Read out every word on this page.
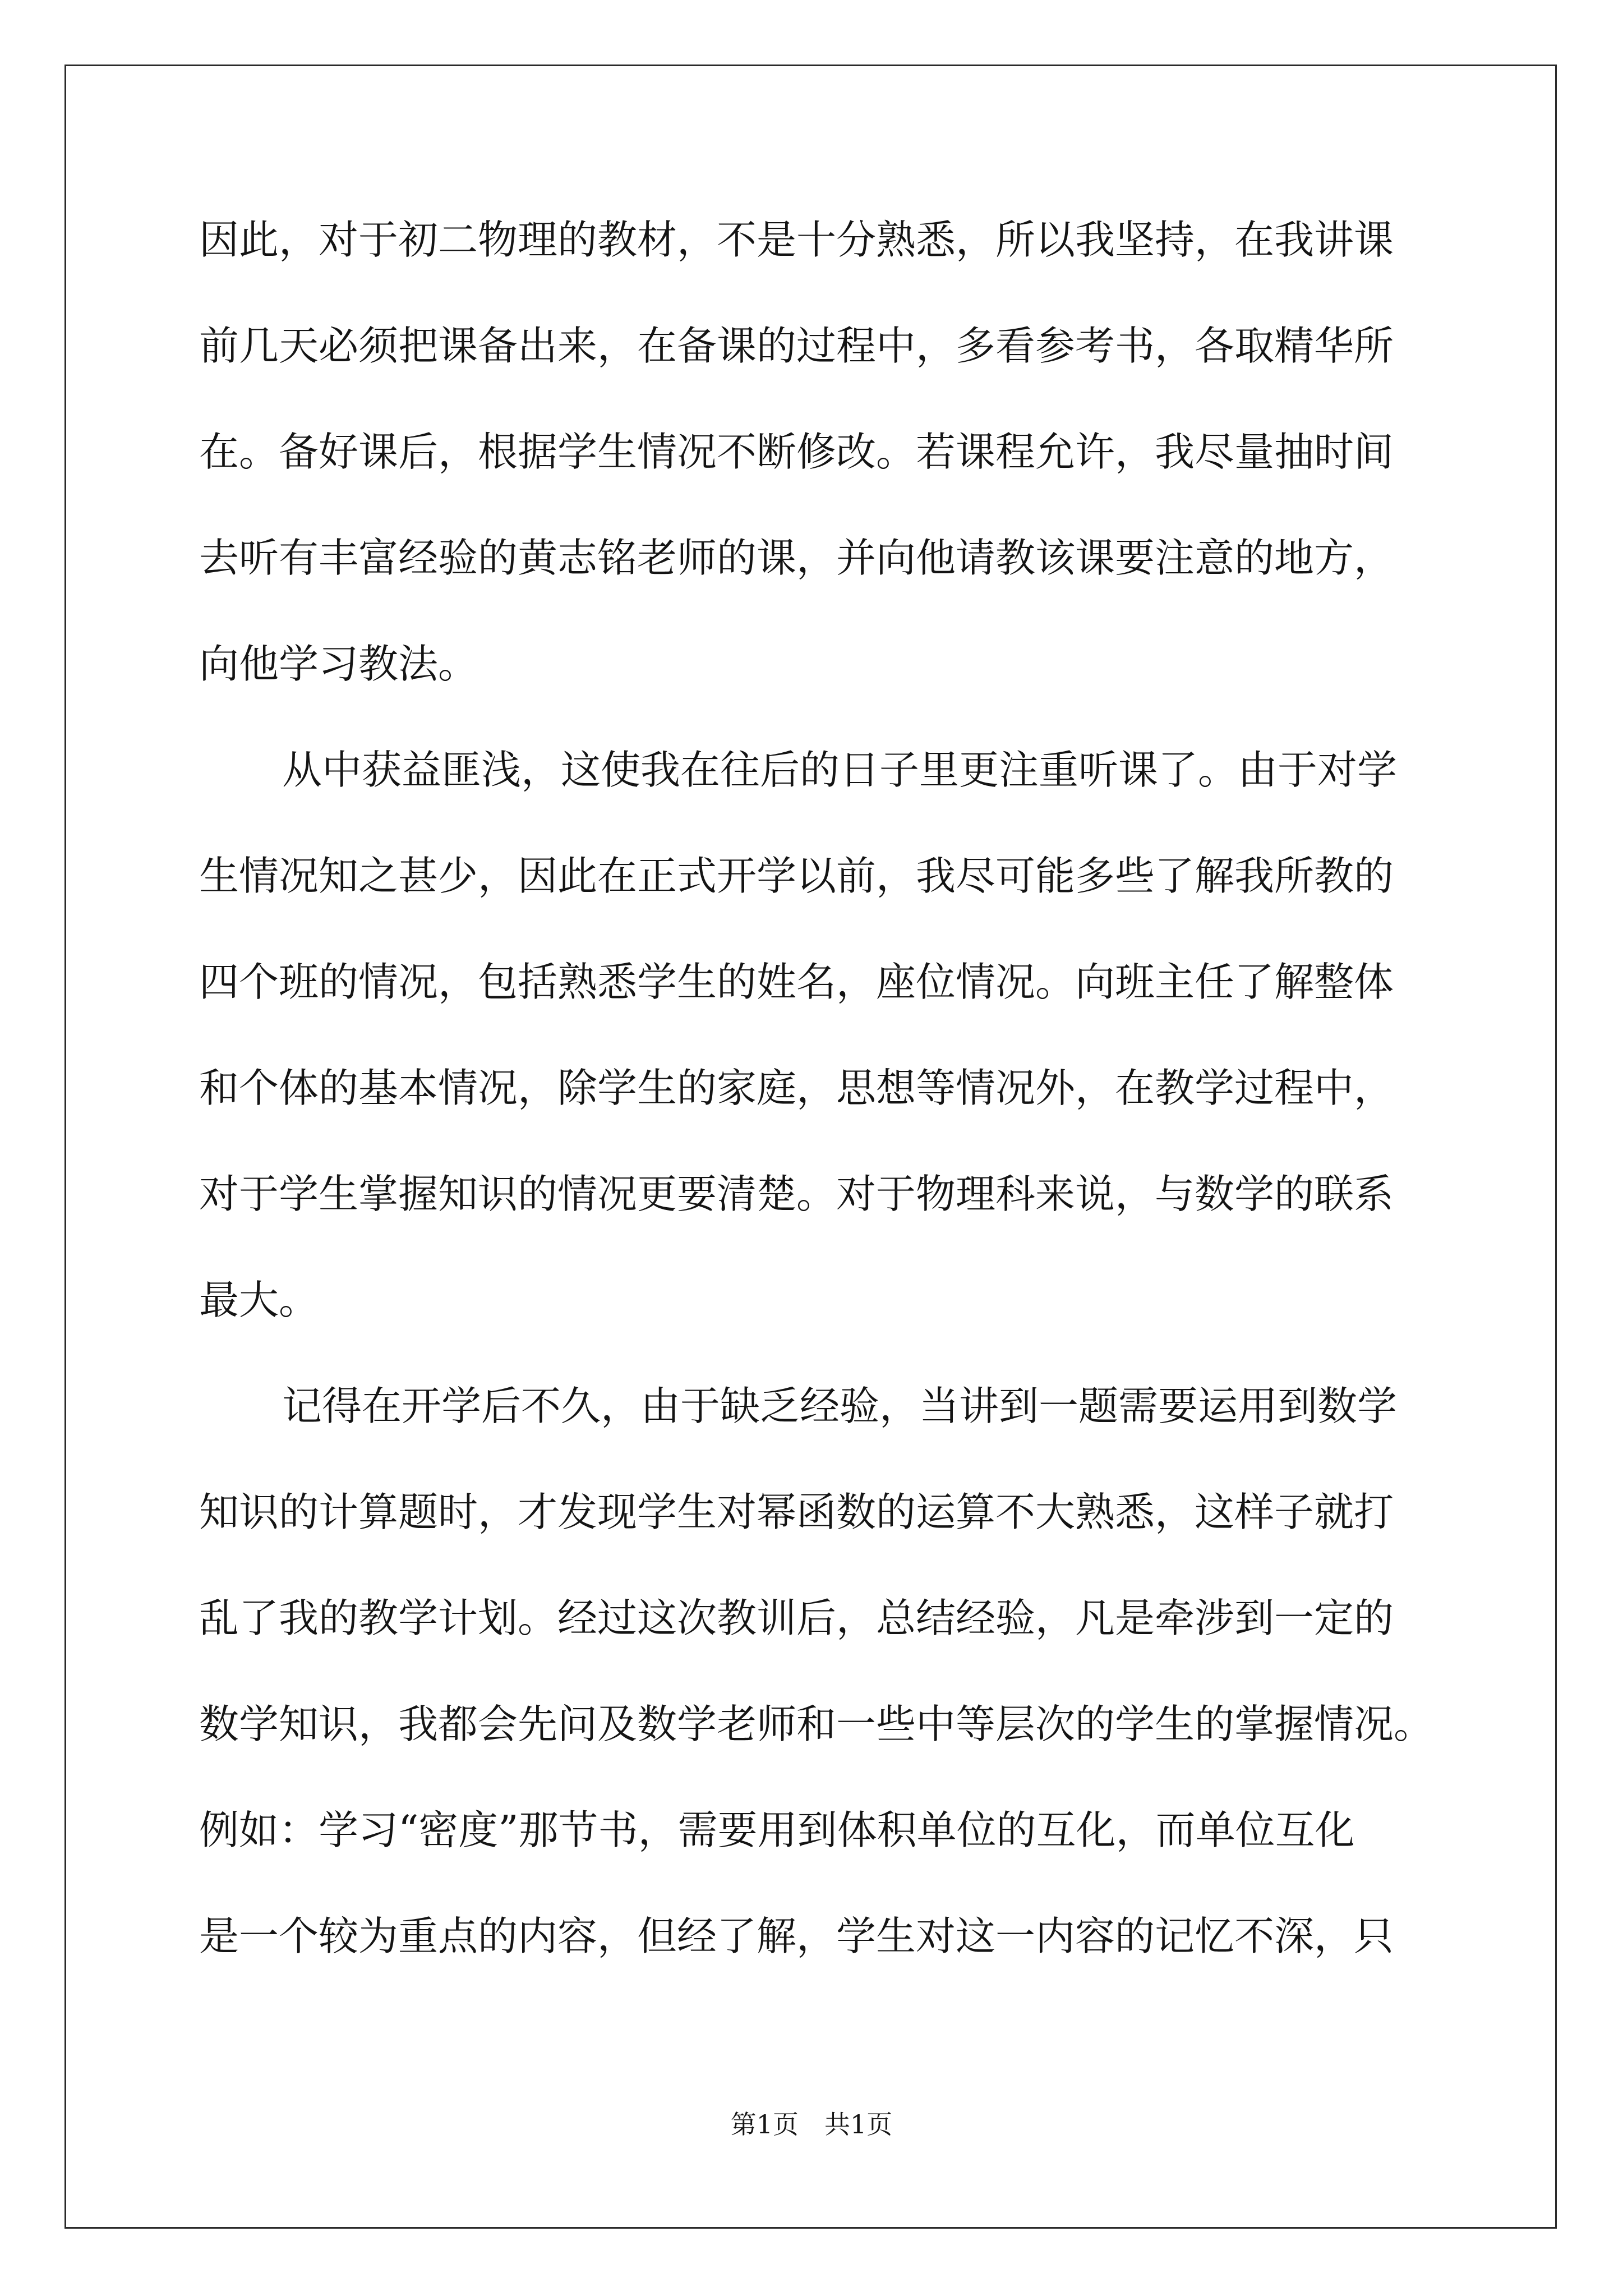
因此，对于初二物理的教材，不是十分熟悉，所以我坚持，在我讲课
前几天必须把课备出来，在备课的过程中，多看参考书，各取精华所
在。备好课后，根据学生情况不断修改。若课程允许，我尽量抽时间
去听有丰富经验的黄志铭老师的课，并向他请教该课要注意的地方，
向他学习教法。
从中获益匪浅，这使我在往后的日子里更注重听课了。由于对学
生情况知之甚少，因此在正式开学以前，我尽可能多些了解我所教的
四个班的情况，包括熟悉学生的姓名，座位情况。向班主任了解整体
和个体的基本情况，除学生的家庭，思想等情况外，在教学过程中，
对于学生掌握知识的情况更要清楚。对于物理科来说，与数学的联系
最大。
记得在开学后不久，由于缺乏经验，当讲到一题需要运用到数学
知识的计算题时，才发现学生对幂函数的运算不大熟悉，这样子就打
乱了我的教学计划。经过这次教训后，总结经验，凡是牵涉到一定的
数学知识，我都会先问及数学老师和一些中等层次的学生的掌握情况。
例如：学习“密度”那节书，需要用到体积单位的互化，而单位互化
是一个较为重点的内容，但经了解，学生对这一内容的记忆不深，只
第1页　共1页
